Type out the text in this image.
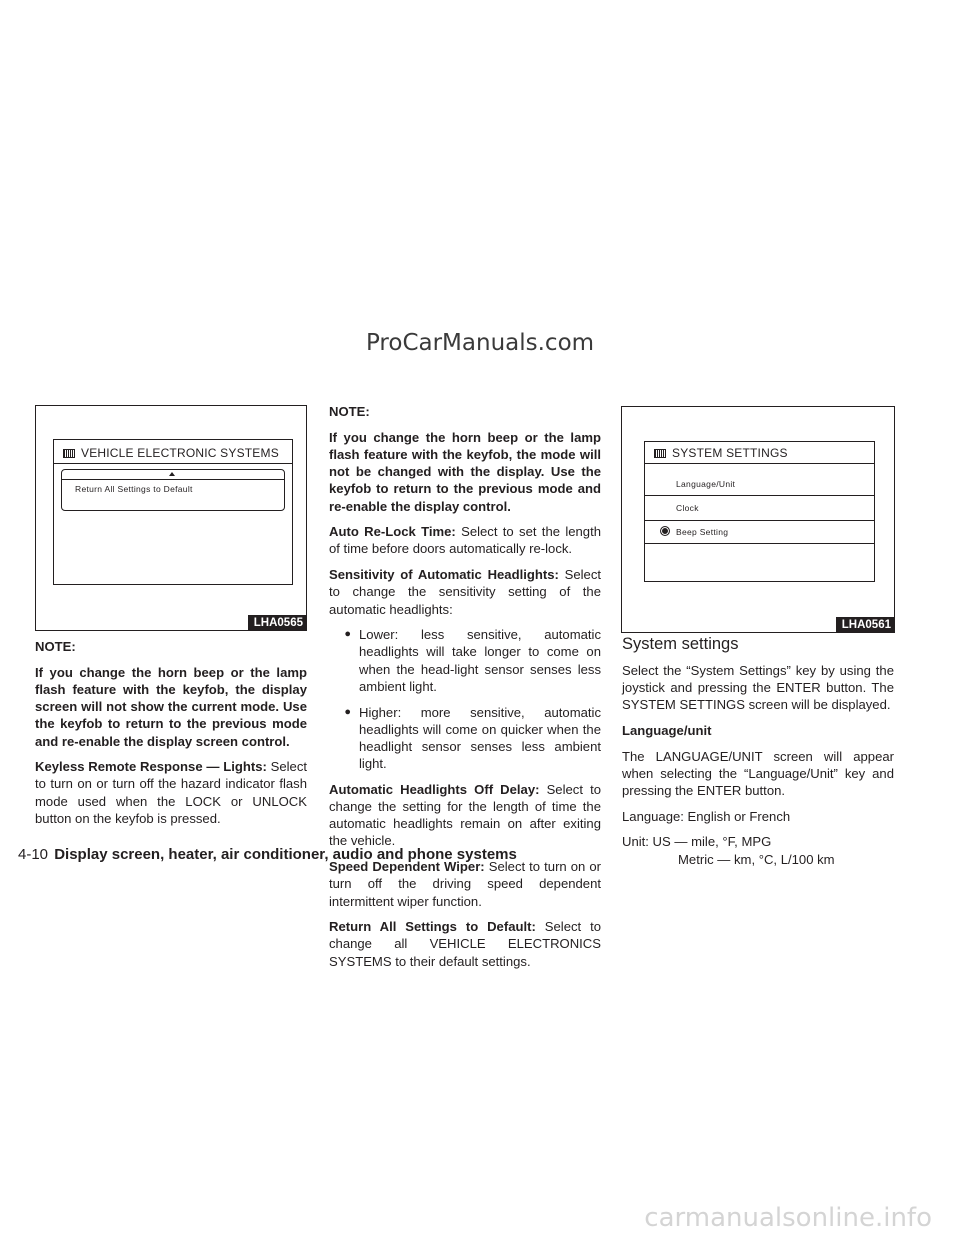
ProCarManuals.com
carmanualsonline.info
VEHICLE ELECTRONIC SYSTEMS
Return All Settings to Default
LHA0565
SYSTEM SETTINGS
Language/Unit
Clock
Beep Setting
LHA0561

NOTE:

If you change the horn beep or the lamp flash feature with the keyfob, the display screen will not show the current mode. Use the keyfob to return to the previous mode and re-enable the display screen control.

Keyless Remote Response — Lights: Select to turn on or turn off the hazard indicator flash mode used when the LOCK or UNLOCK button on the keyfob is pressed.

NOTE:

If you change the horn beep or the lamp flash feature with the keyfob, the mode will not be changed with the display. Use the keyfob to return to the previous mode and re-enable the display control.

Auto Re-Lock Time: Select to set the length of time before doors automatically re-lock.

Sensitivity of Automatic Headlights: Select to change the sensitivity setting of the automatic headlights:

● Lower: less sensitive, automatic headlights will take longer to come on when the head-light sensor senses less ambient light.
● Higher: more sensitive, automatic headlights will come on quicker when the headlight sensor senses less ambient light.

Automatic Headlights Off Delay: Select to change the setting for the length of time the automatic headlights remain on after exiting the vehicle.

Speed Dependent Wiper: Select to turn on or turn off the driving speed dependent intermittent wiper function.

Return All Settings to Default: Select to change all VEHICLE ELECTRONICS SYSTEMS to their default settings.

System settings

Select the “System Settings” key by using the joystick and pressing the ENTER button. The SYSTEM SETTINGS screen will be displayed.

Language/unit

The LANGUAGE/UNIT screen will appear when selecting the “Language/Unit” key and pressing the ENTER button.

Language: English or French

Unit: US — mile, °F, MPG

Metric — km, °C, L/100 km

4-10 Display screen, heater, air conditioner, audio and phone systems
